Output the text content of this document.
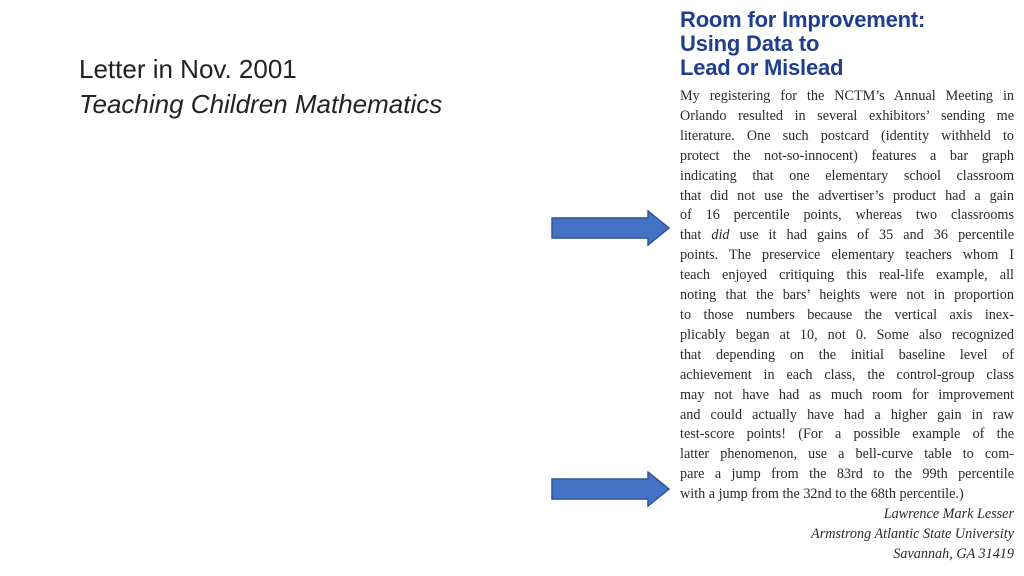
Letter in Nov. 2001
Teaching Children Mathematics
Room for Improvement:
Using Data to
Lead or Mislead
My registering for the NCTM’s Annual Meeting in
Orlando resulted in several exhibitors’ sending me
literature. One such postcard (identity withheld to
protect the not-so-innocent) features a bar graph
indicating that one elementary school classroom
that did not use the advertiser’s product had a gain
of 16 percentile points, whereas two classrooms
that did use it had gains of 35 and 36 percentile
points. The preservice elementary teachers whom I
teach enjoyed critiquing this real-life example, all
noting that the bars’ heights were not in proportion
to those numbers because the vertical axis inex-
plicably began at 10, not 0. Some also recognized
that depending on the initial baseline level of
achievement in each class, the control-group class
may not have had as much room for improvement
and could actually have had a higher gain in raw
test-score points! (For a possible example of the
latter phenomenon, use a bell-curve table to com-
pare a jump from the 83rd to the 99th percentile
with a jump from the 32nd to the 68th percentile.)
Lawrence Mark Lesser
Armstrong Atlantic State University
Savannah, GA 31419
